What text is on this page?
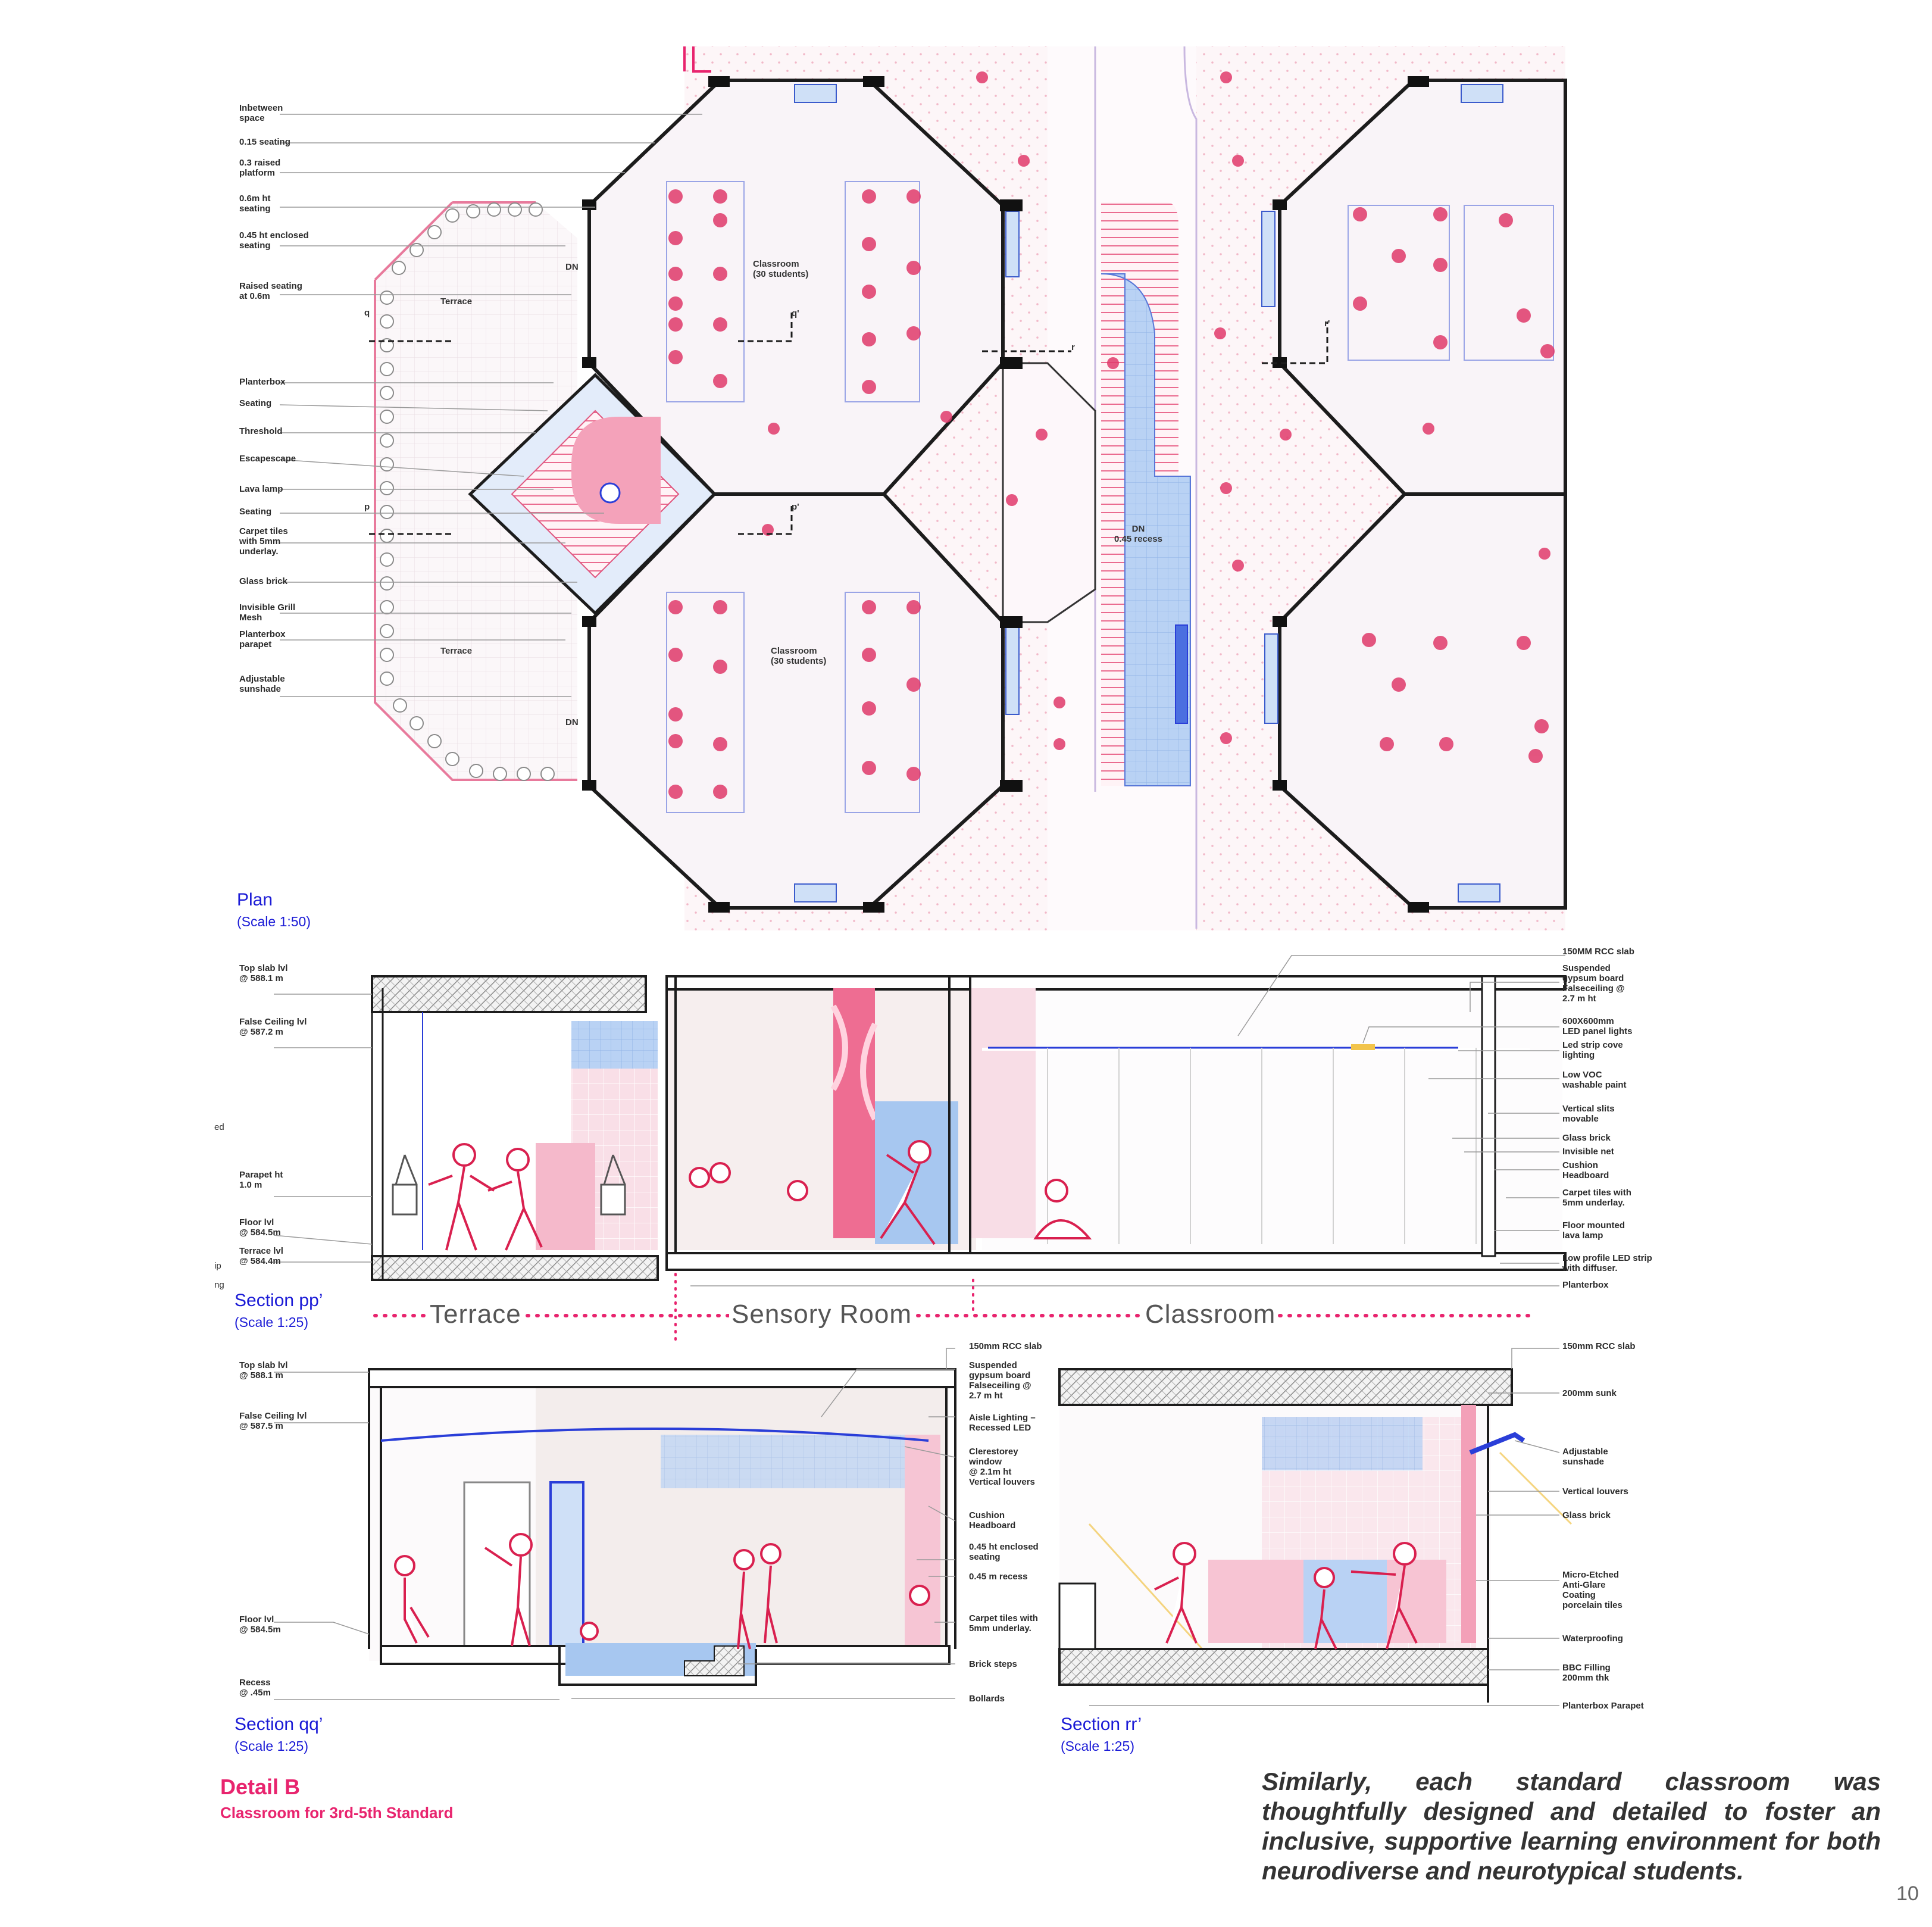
Inbetween
space
0.15 seating
0.3 raised
platform
0.6m ht
seating
0.45 ht enclosed
seating
Raised seating
at 0.6m
Planterbox
Seating
Threshold
Escapescape
Lava lamp
Seating
Carpet tiles
with 5mm
underlay.
Glass brick
Invisible Grill
Mesh
Planterbox
parapet
Adjustable
sunshade
Terrace
Terrace
Classroom
(30 students)
Classroom
(30 students)
DN
DN
DN
0.45 recess
q	q'
p	p'
r
r'
Plan
(Scale 1:50)
Top slab lvl
@ 588.1 m
False Ceiling lvl
@ 587.2 m
Parapet ht
1.0 m
Floor lvl
@ 584.5m
Terrace lvl
@ 584.4m
ed
ip
ng
150MM RCC slab
Suspended
gypsum board
Falseceiling @
2.7 m ht
600X600mm
LED panel lights
Led strip cove
lighting
Low VOC
washable paint
Vertical slits
movable
Glass brick
Invisible net
Cushion
Headboard
Carpet tiles with
5mm underlay.
Floor mounted
lava lamp
Low profile LED strip
with diffuser.
Planterbox
Section pp’
(Scale 1:25)	Terrace	Sensory Room	Classroom
Top slab lvl
@ 588.1 m
False Ceiling lvl
@ 587.5 m
Floor lvl
@ 584.5m
Recess
@ .45m
150mm RCC slab
Suspended
gypsum board
Falseceiling @
2.7 m ht
Aisle Lighting –
Recessed LED
Clerestorey
window
@ 2.1m ht
Vertical louvers
Cushion
Headboard
0.45 ht enclosed
seating
0.45 m recess
Carpet tiles with
5mm underlay.
Brick steps
Bollards
Section qq’
(Scale 1:25)
150mm RCC slab
200mm sunk
Adjustable
sunshade
Vertical louvers
Glass brick
Micro-Etched
Anti-Glare
Coating
porcelain tiles
Waterproofing
BBC Filling
200mm thk
Planterbox Parapet
Section rr’
(Scale 1:25)
Detail B
Classroom for 3rd-5th Standard
Similarly, each standard classroom was thoughtfully designed and detailed to foster an inclusive, supportive learning environment for both neurodiverse and neurotypical students.
10
